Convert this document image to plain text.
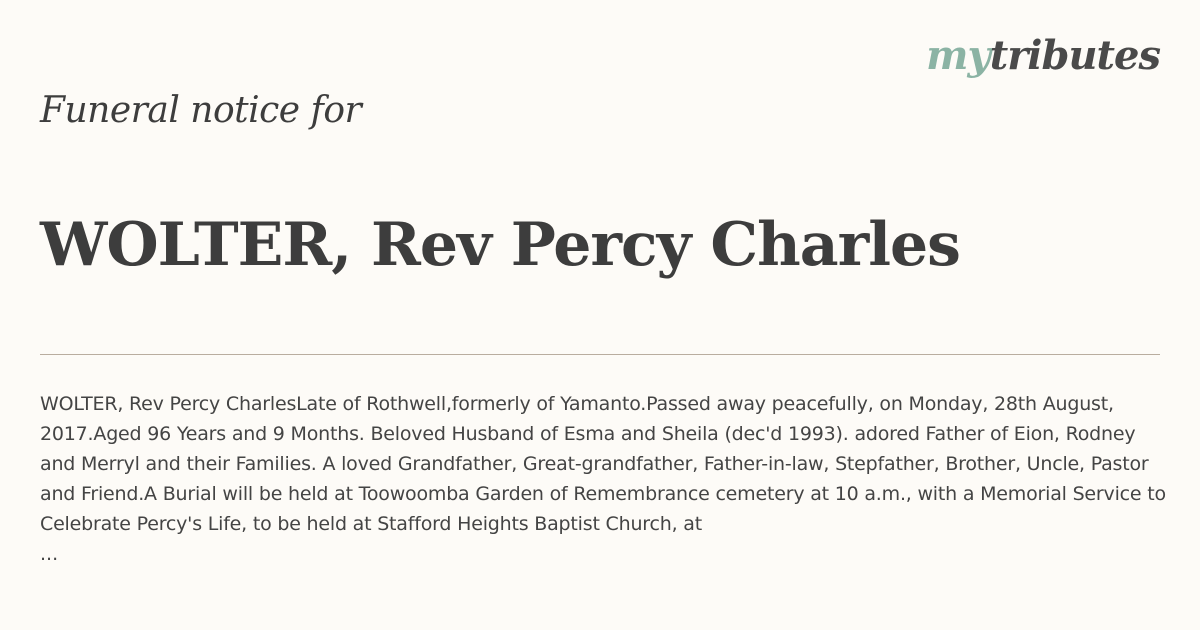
mytributes
Funeral notice for
WOLTER, Rev Percy Charles

WOLTER, Rev Percy CharlesLate of Rothwell,formerly of Yamanto.Passed away peacefully, on Monday, 28th August, 2017.Aged 96 Years and 9 Months. Beloved Husband of Esma and Sheila (dec'd 1993). adored Father of Eion, Rodney and Merryl and their Families. A loved Grandfather, Great-grandfather, Father-in-law, Stepfather, Brother, Uncle, Pastor and Friend.A Burial will be held at Toowoomba Garden of Remembrance cemetery at 10 a.m., with a Memorial Service to Celebrate Percy's Life, to be held at Stafford Heights Baptist Church, at

...
